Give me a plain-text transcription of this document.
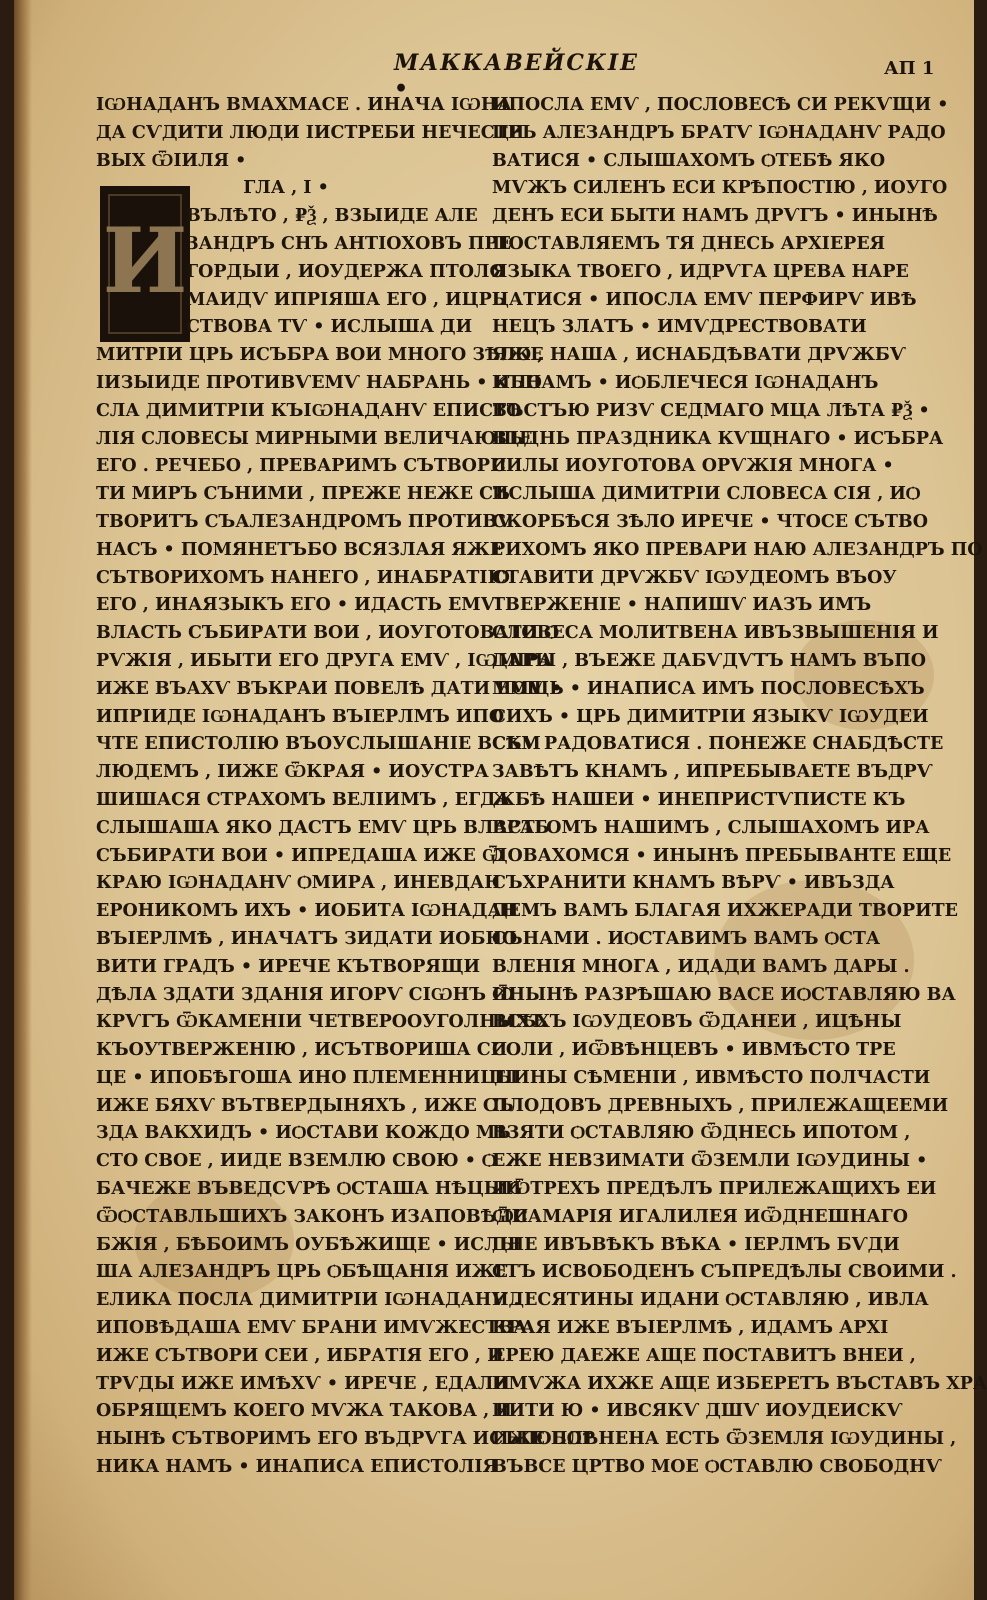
МАККАВЕЙСКІЕ •
АП 1
И
ІѠНАДАНЪ ВМАХМАСЕ . ИНАЧА ІѠНА
ДА СѴДИТИ ЛЮДИ ІИСТРЕБИ НЕЧЕСТИ
ВЫХ ѾІИЛЯ •
ГЛА , І •
ВЪЛѢТО , ₽Ѯ , ВЗЫИДЕ АЛЕ
ЗАНДРЪ СНЪ АНТІОХОВЪ ПРЕ
ГОРДЫИ , ИОУДЕРЖА ПТОЛО
МАИДѴ ИПРІЯША ЕГО , ИЦРЬ
СТВОВА ТѴ • ИСЛЫША ДИ
МИТРІИ ЦРЬ ИСЪБРА ВОИ МНОГО ЗѢЛО ,
ІИЗЫИДЕ ПРОТИВѴЕМѴ НАБРАНЬ • ИПО
СЛА ДИМИТРІИ КЪІѠНАДАНѴ ЕПИСТО
ЛІЯ СЛОВЕСЫ МИРНЫМИ ВЕЛИЧАЮЩЕ
ЕГО . РЕЧЕБО , ПРЕВАРИМЪ СЪТВОРИ
ТИ МИРЪ СЪНИМИ , ПРЕЖЕ НЕЖЕ СЪ
ТВОРИТЪ СЪАЛЕЗАНДРОМЪ ПРОТИВѴ
НАСЪ • ПОМЯНЕТЪБО ВСЯЗЛАЯ ЯЖЕ
СЪТВОРИХОМЪ НАНЕГО , ИНАБРАТІЮ
ЕГО , ИНАЯЗЫКЪ ЕГО • ИДАСТЬ ЕМѴ
ВЛАСТЬ СЪБИРАТИ ВОИ , ИОУГОТОВАТИ Ѻ
РѴЖІЯ , ИБЫТИ ЕГО ДРУГА ЕМѴ , ІѠМІРА
ИЖЕ ВЪАХѴ ВЪКРАИ ПОВЕЛѢ ДАТИ ЕМѴ •
ИПРІИДЕ ІѠНАДАНЪ ВЪІЕРЛМЪ ИПО
ЧТЕ ЕПИСТОЛІЮ ВЪОУСЛЫШАНІЕ ВСѢМ
ЛЮДЕМЪ , ІИЖЕ ѾКРАЯ • ИОУСТРА
ШИШАСЯ СТРАХОМЪ ВЕЛІИМЪ , ЕГДА
СЛЫШАША ЯКО ДАСТЪ ЕМѴ ЦРЬ ВЛАСТЬ
СЪБИРАТИ ВОИ • ИПРЕДАША ИЖЕ Ѿ
КРАЮ ІѠНАДАНѴ ѺМИРА , ИНЕВДАН
ЕРОНИКОМЪ ИХЪ • ИОБИТА ІѠНАДАН
ВЪІЕРЛМѢ , ИНАЧАТЪ ЗИДАТИ ИОБНО
ВИТИ ГРАДЪ • ИРЕЧЕ КЪТВОРЯЩИ
ДѢЛА ЗДАТИ ЗДАНІЯ ИГОРѴ СІѠНЪ Ѿ
КРѴГЪ ѾКАМЕНІИ ЧЕТВЕРООУГОЛНЫХЪ
КЪОУТВЕРЖЕНІЮ , ИСЪТВОРИША СИ
ЦЕ • ИПОБѢГОША ИНО ПЛЕМЕННИЦЫ
ИЖЕ БЯХѴ ВЪТВЕРДЫНЯХЪ , ИЖЕ СЪ
ЗДА ВАКХИДЪ • ИѺСТАВИ КОЖДО МѢ
СТО СВОЕ , ИИДЕ ВЗЕМЛЮ СВОЮ • Ѻ
БАЧЕЖЕ ВЪВЕДСѴРѢ ѺСТАША НѢЦЫИ
ѾѺСТАВЛЬШИХЪ ЗАКОНЪ ИЗАПОВѢДИ
БЖІЯ , БѢБОИМЪ ОУБѢЖИЩЕ • ИСЛЫ
ША АЛЕЗАНДРЪ ЦРЬ ѺБѢЩАНІЯ ИЖЕ
ЕЛИКА ПОСЛА ДИМИТРІИ ІѠНАДАНѴ .
ИПОВѢДАША ЕМѴ БРАНИ ИМѴЖЕСТВА
ИЖЕ СЪТВОРИ СЕИ , ИБРАТІЯ ЕГО , И
ТРѴДЫ ИЖЕ ИМѢХѴ • ИРЕЧЕ , ЕДАЛИ
ОБРЯЩЕМЪ КОЕГО МѴЖА ТАКОВА , И
НЫНѢ СЪТВОРИМЪ ЕГО ВЪДРѴГА ИСЪПОБОР
НИКА НАМЪ • ИНАПИСА ЕПИСТОЛІЯ
ИПОСЛА ЕМѴ , ПОСЛОВЕСѢ СИ РЕКѴЩИ •
ЦРЬ АЛЕЗАНДРЪ БРАТѴ ІѠНАДАНѴ РАДО
ВАТИСЯ • СЛЫШАХОМЪ ѺТЕБѢ ЯКО
МѴЖЪ СИЛЕНЪ ЕСИ КРѢПОСТІЮ , ИОУГО
ДЕНЪ ЕСИ БЫТИ НАМЪ ДРѴГЪ • ИНЫНѢ
ПОСТАВЛЯЕМЪ ТЯ ДНЕСЬ АРХІЕРЕЯ
ЯЗЫКА ТВОЕГО , ИДРѴГА ЦРЕВА НАРЕ
ЦАТИСЯ • ИПОСЛА ЕМѴ ПЕРФИРѴ ИВѢ
НЕЦЪ ЗЛАТЪ • ИМѴДРЕСТВОВАТИ
ЯЖЕ НАША , ИСНАБДѢВАТИ ДРѴЖБѴ
КЪНАМЪ • ИѺБЛЕЧЕСЯ ІѠНАДАНЪ
ВЪСТЪЮ РИЗѴ СЕДМАГО МЦА ЛѢТА ₽Ѯ •
ВЪДНЬ ПРАЗДНИКА КѴЩНАГО • ИСЪБРА
СИЛЫ ИОУГОТОВА ОРѴЖІЯ МНОГА •
ИСЛЫША ДИМИТРІИ СЛОВЕСА СІЯ , ИѺ
СКОРБѢСЯ ЗѢЛО ИРЕЧЕ • ЧТОСЕ СЪТВО
РИХОМЪ ЯКО ПРЕВАРИ НАЮ АЛЕЗАНДРЪ ПО
СТАВИТИ ДРѴЖБѴ ІѠУДЕОМЪ ВЪОУ
ТВЕРЖЕНІЕ • НАПИШѴ ИАЗЪ ИМЪ
СЛОВЕСА МОЛИТВЕНА ИВЪЗВЫШЕНІЯ И
ДАРЫ , ВЪЕЖЕ ДАБѴДѴТЪ НАМЪ ВЪПО
МОЩЬ • ИНАПИСА ИМЪ ПОСЛОВЕСѢХЪ
СИХЪ • ЦРЬ ДИМИТРІИ ЯЗЫКѴ ІѠУДЕИ
СКѴ РАДОВАТИСЯ . ПОНЕЖЕ СНАБДѢСТЕ
ЗАВѢТЪ КНАМЪ , ИПРЕБЫВАЕТЕ ВЪДРѴ
ЖБѢ НАШЕИ • ИНЕПРИСТѴПИСТЕ КЪ
ВРАГОМЪ НАШИМЪ , СЛЫШАХОМЪ ИРА
ДОВАХОМСЯ • ИНЫНѢ ПРЕБЫВАНТЕ ЕЩЕ
СЪХРАНИТИ КНАМЪ ВѢРѴ • ИВЪЗДА
ДЕМЪ ВАМЪ БЛАГАЯ ИХЖЕРАДИ ТВОРИТЕ
СЪНАМИ . ИѺСТАВИМЪ ВАМЪ ѺСТА
ВЛЕНІЯ МНОГА , ИДАДИ ВАМЪ ДАРЫ .
ИНЫНѢ РАЗРѢШАЮ ВАСЕ ИѺСТАВЛЯЮ ВА
ВСѢХЪ ІѠУДЕОВЪ ѾДАНЕИ , ИЦѢНЫ
СОЛИ , ИѾВѢНЦЕВЪ • ИВМѢСТО ТРЕ
ТІИНЫ СѢМЕНІИ , ИВМѢСТО ПОЛЧАСТИ
ПЛОДОВЪ ДРЕВНЫХЪ , ПРИЛЕЖАЩЕЕМИ
ВЗЯТИ ѺСТАВЛЯЮ ѾДНЕСЬ ИПОТОМ ,
ЕЖЕ НЕВЗИМАТИ ѾЗЕМЛИ ІѠУДИНЫ •
ИѾТРЕХЪ ПРЕДѢЛЪ ПРИЛЕЖАЩИХЪ ЕИ
ѾСАМАРІЯ ИГАЛИЛЕЯ ИѾДНЕШНАГО
ДНЕ ИВЪВѢКЪ ВѢКА • ІЕРЛМЪ БѴДИ
СТЪ ИСВОБОДЕНЪ СЪПРЕДѢЛЫ СВОИМИ .
ИДЕСЯТИНЫ ИДАНИ ѺСТАВЛЯЮ , ИВЛА
КРАЯ ИЖЕ ВЪІЕРЛМѢ , ИДАМЪ АРХІ
ЕРЕЮ ДАЕЖЕ АЩЕ ПОСТАВИТЪ ВНЕИ ,
ИМѴЖА ИХЖЕ АЩЕ ИЗБЕРЕТЪ ВЪСТАВЪ ХРА
НИТИ Ю • ИВСЯКѴ ДШѴ ИОУДЕИСКѴ
ИЖЕ ПЛѢНЕНА ЕСТЬ ѾЗЕМЛЯ ІѠУДИНЫ ,
ВЪВСЕ ЦРТВО МОЕ ѺСТАВЛЮ СВОБОДНѴ
